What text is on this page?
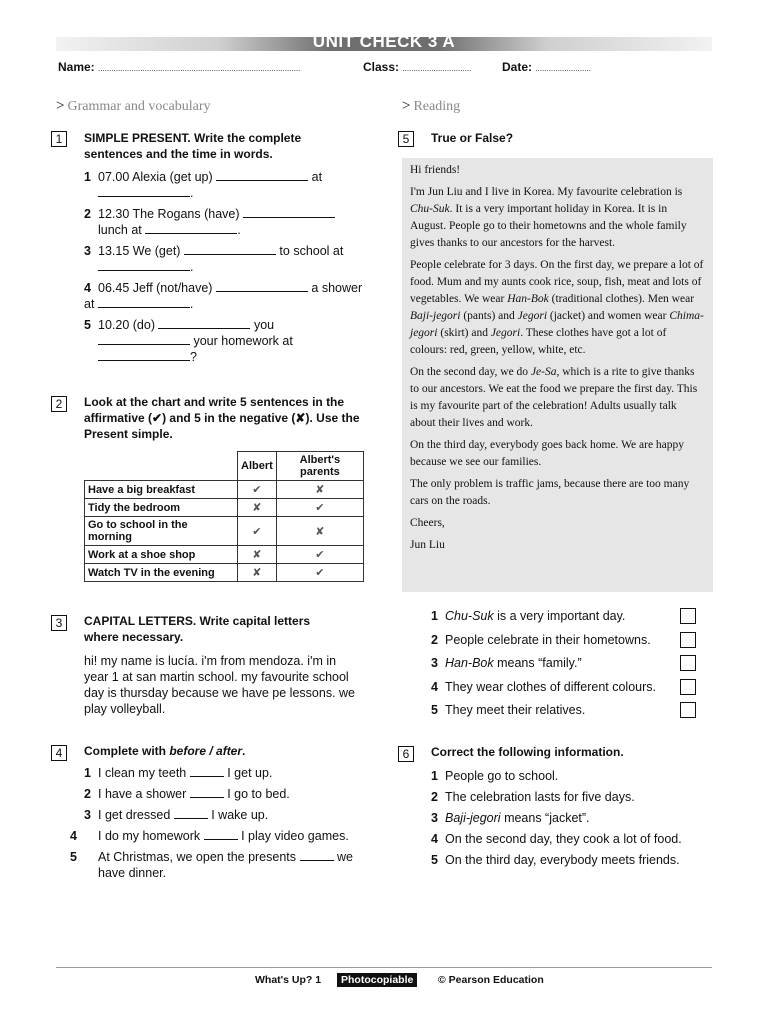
UNIT CHECK 3 A
Name: ...........................................................................................	Class: ...............................	Date: .........................
> Grammar and vocabulary	> Reading
1	SIMPLE PRESENT. Write the complete sentences and the time in words.
1 07.00 Alexia (get up)	at
.
2 12.30 The Rogans (have)
lunch at	.
3 13.15 We (get)	to school at
.
4 06.45 Jeff (not/have)	a shower at	.
5 10.20 (do)	you
your homework at
?
2	Look at the chart and write 5 sentences in the affirmative (✔) and 5 in the negative (✘). Use the Present simple.
	Albert	Albert's parents
Have a big breakfast	✔	✘
Tidy the bedroom	✘	✔
Go to school in the morning	✔	✘
Work at a shoe shop	✘	✔
Watch TV in the evening	✘	✔
3	CAPITAL LETTERS. Write capital letters where necessary.
hi! my name is lucía. i'm from mendoza. i'm in year 1 at san martin school. my favourite school day is thursday because we have pe lessons. we play volleyball.
4	Complete with before / after.
1 I clean my teeth	I get up.
2 I have a shower	I go to bed.
3 I get dressed	I wake up.
4 I do my homework	I play video games.
5 At Christmas, we open the presents	we have dinner.
5	True or False?

Hi friends!

I'm Jun Liu and I live in Korea. My favourite celebration is Chu-Suk. It is a very important holiday in Korea. It is in August. People go to their hometowns and the whole family gives thanks to our ancestors for the harvest.

People celebrate for 3 days. On the first day, we prepare a lot of food. Mum and my aunts cook rice, soup, fish, meat and lots of vegetables. We wear Han-Bok (traditional clothes). Men wear Baji-jegori (pants) and Jegori (jacket) and women wear Chima-jegori (skirt) and Jegori. These clothes have got a lot of colours: red, green, yellow, white, etc.

On the second day, we do Je-Sa, which is a rite to give thanks to our ancestors. We eat the food we prepare the first day. This is my favourite part of the celebration! Adults usually talk about their lives and work.

On the third day, everybody goes back home. We are happy because we see our families.

The only problem is traffic jams, because there are too many cars on the roads.

Cheers,

Jun Liu

1 Chu-Suk is a very important day.
2 People celebrate in their hometowns.
3 Han-Bok means “family.”
4 They wear clothes of different colours.
5 They meet their relatives.
6	Correct the following information.
1 People go to school.
2 The celebration lasts for five days.
3 Baji-jegori means “jacket”.
4 On the second day, they cook a lot of food.
5 On the third day, everybody meets friends.
What's Up? 1	Photocopiable	© Pearson Education
